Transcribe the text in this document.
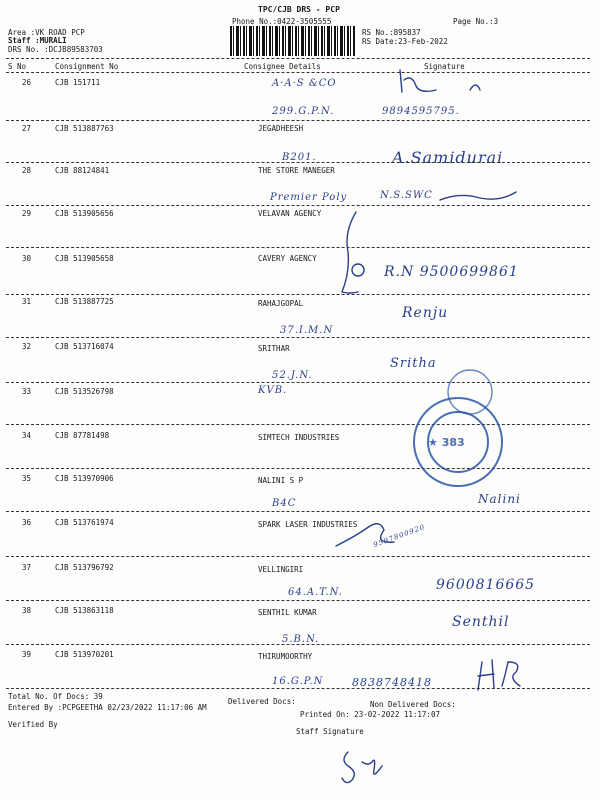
TPC/CJB DRS - PCP
Phone No.:0422-3505555	Page No.:3
Area :VK ROAD PCP
Staff :MURALI
DRS No. :DCJB89583703
RS No.:895837
RS Date:23-Feb-2022
S No	Consignment No	Consignee Details	Signature
26	CJB 151711	A·A·S &CO
299.G.P.N.	9894595795.
27	CJB 513887763	JEGADHEESH
B201.	A.Samidurai
28	CJB 88124841	THE STORE MANEGER
Premier Poly	N.S.SWC
29	CJB 513905656	VELAVAN AGENCY
30	CJB 513905658	CAVERY AGENCY
R.N 9500699861
31	CJB 513887725	RAHAJGOPAL
37.I.M.N
Renju
32	CJB 513716074	SRITHAR
52.J.N.
Sritha
33	CJB 513526798	KVB.
34	CJB 87781498	SIMTECH INDUSTRIES
35	CJB 513970906	NALINI S P
B4C	Nalini
36	CJB 513761974	SPARK LASER INDUSTRIES 9597800920
37	CJB 513796792	VELLINGIRI
64.A.T.N.	9600816665
38	CJB 513863118	SENTHIL KUMAR
5.B.N.
Senthil
39	CJB 513970201	THIRUMOORTHY
16.G.P.N	8838748418
Total No. Of Docs: 39
Delivered Docs:	Non Delivered Docs:
Entered By :PCPGEETHA 02/23/2022 11:17:06 AM
Printed On: 23-02-2022 11:17:07
Verified By
Staff Signature
★ 383
